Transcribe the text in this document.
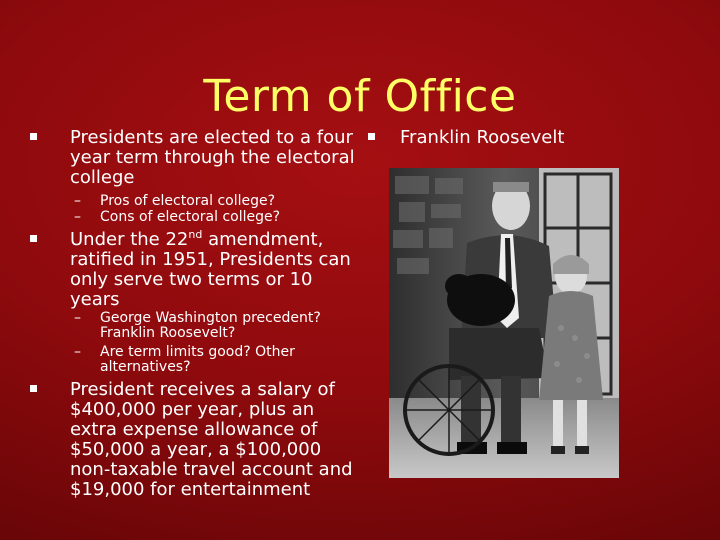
Term of Office
Presidents are elected to a four
year term through the electoral
college
–	Pros of electoral college?
–	Cons of electoral college?
Under the 22nd amendment,
ratified in 1951, Presidents can
only serve two terms or 10
years
–	George Washington precedent?
Franklin Roosevelt?
–	Are term limits good? Other
alternatives?
President receives a salary of
$400,000 per year, plus an
extra expense allowance of
$50,000 a year, a $100,000
non-taxable travel account and
$19,000 for entertainment
Franklin Roosevelt
